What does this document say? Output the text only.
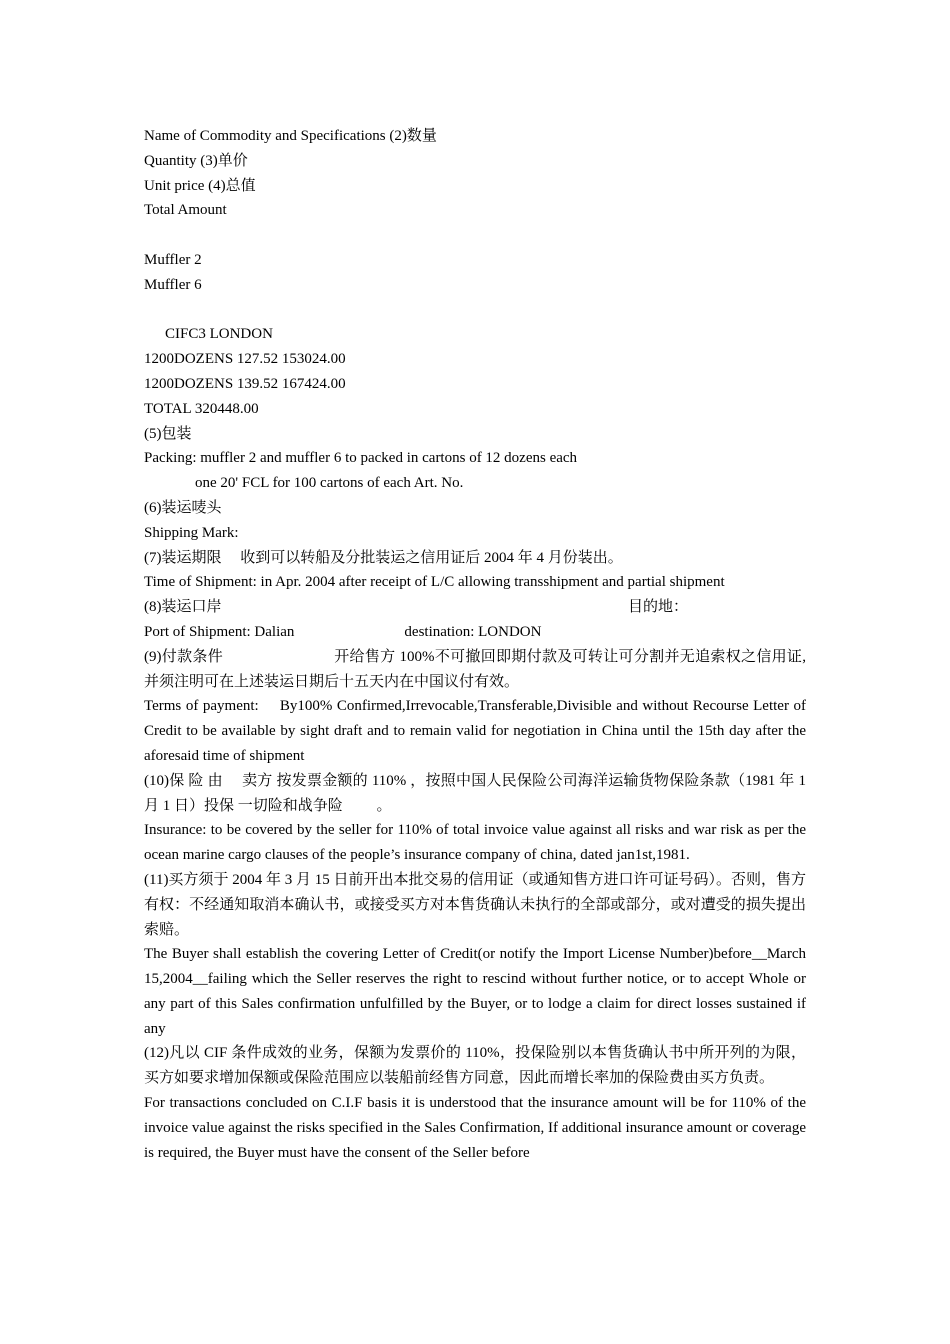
Name of Commodity and Specifications (2)数量
Quantity (3)单价
Unit price (4)总值
Total Amount
Muffler 2
Muffler 6
CIFC3 LONDON
1200DOZENS 127.52 153024.00
1200DOZENS 139.52 167424.00
TOTAL 320448.00
(5)包装
Packing: muffler 2 and muffler 6 to packed in cartons of 12 dozens each
one 20' FCL for 100 cartons of each Art. No.
(6)装运唛头
Shipping Mark:
(7)装运期限　 收到可以转船及分批装运之信用证后 2004 年 4 月份装出。
Time of Shipment: in Apr. 2004 after receipt of L/C allowing transshipment and partial shipment
(8)装运口岸	目的地：
Port of Shipment: Dalian	destination: LONDON
(9)付款条件　　　　　　　 开给售方 100%不可撤回即期付款及可转让可分割并无追索权之信用证,并须注明可在上述装运日期后十五天内在中国议付有效。
Terms of payment:　 By100% Confirmed,Irrevocable,Transferable,Divisible and without Recourse Letter of Credit to be available by sight draft and to remain valid for negotiation in China until the 15th day after the aforesaid time of shipment
(10)保 险 由　 卖方 按发票金额的 110% ，按照中国人民保险公司海洋运输货物保险条款（1981 年 1 月 1 日）投保 一切险和战争险　　 。
Insurance: to be covered by the seller for 110% of total invoice value against all risks and war risk as per the ocean marine cargo clauses of the people’s insurance company of china, dated jan1st,1981.
(11)买方须于 2004 年 3 月 15 日前开出本批交易的信用证（或通知售方进口许可证号码）。否则，售方有权：不经通知取消本确认书，或接受买方对本售货确认未执行的全部或部分，或对遭受的损失提出索赔。
The Buyer shall establish the covering Letter of Credit(or notify the Import License Number)before__March 15,2004__failing which the Seller reserves the right to rescind without further notice, or to accept Whole or any part of this Sales confirmation unfulfilled by the Buyer, or to lodge a claim for direct losses sustained if any
(12)凡以 CIF 条件成效的业务，保额为发票价的 110%，投保险别以本售货确认书中所开列的为限，买方如要求增加保额或保险范围应以装船前经售方同意，因此而增长率加的保险费由买方负责。
For transactions concluded on C.I.F basis it is understood that the insurance amount will be for 110% of the invoice value against the risks specified in the Sales Confirmation, If additional insurance amount or coverage is required, the Buyer must have the consent of the Seller before
